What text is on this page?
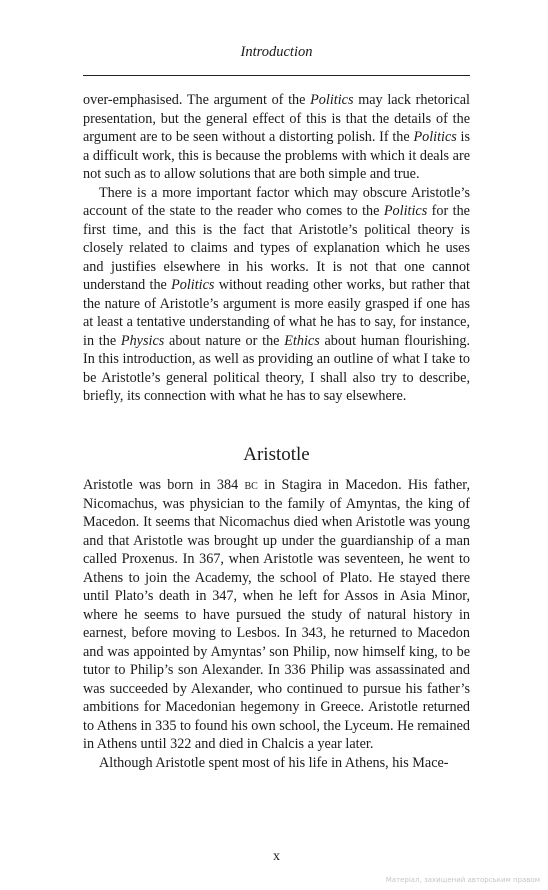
Introduction

over-emphasised. The argument of the Politics may lack rhetorical presentation, but the general effect of this is that the details of the argument are to be seen without a distorting polish. If the Politics is a difficult work, this is because the problems with which it deals are not such as to allow solutions that are both simple and true.

There is a more important factor which may obscure Aristotle’s account of the state to the reader who comes to the Politics for the first time, and this is the fact that Aristotle’s political theory is closely related to claims and types of explanation which he uses and justifies elsewhere in his works. It is not that one cannot understand the Politics without reading other works, but rather that the nature of Aristotle’s argument is more easily grasped if one has at least a tentative understanding of what he has to say, for instance, in the Physics about nature or the Ethics about human flourishing. In this introduction, as well as providing an outline of what I take to be Aristotle’s general political theory, I shall also try to describe, briefly, its connection with what he has to say elsewhere.

Aristotle

Aristotle was born in 384 bc in Stagira in Macedon. His father, Nicomachus, was physician to the family of Amyntas, the king of Macedon. It seems that Nicomachus died when Aristotle was young and that Aristotle was brought up under the guardianship of a man called Proxenus. In 367, when Aristotle was seventeen, he went to Athens to join the Academy, the school of Plato. He stayed there until Plato’s death in 347, when he left for Assos in Asia Minor, where he seems to have pursued the study of natural history in earnest, before moving to Lesbos. In 343, he returned to Macedon and was appointed by Amyntas’ son Philip, now himself king, to be tutor to Philip’s son Alexander. In 336 Philip was assassinated and was succeeded by Alexander, who continued to pursue his father’s ambitions for Macedonian hegemony in Greece. Aristotle returned to Athens in 335 to found his own school, the Lyceum. He remained in Athens until 322 and died in Chalcis a year later.

Although Aristotle spent most of his life in Athens, his Mace-

x
Матеріал, захищений авторським правом
